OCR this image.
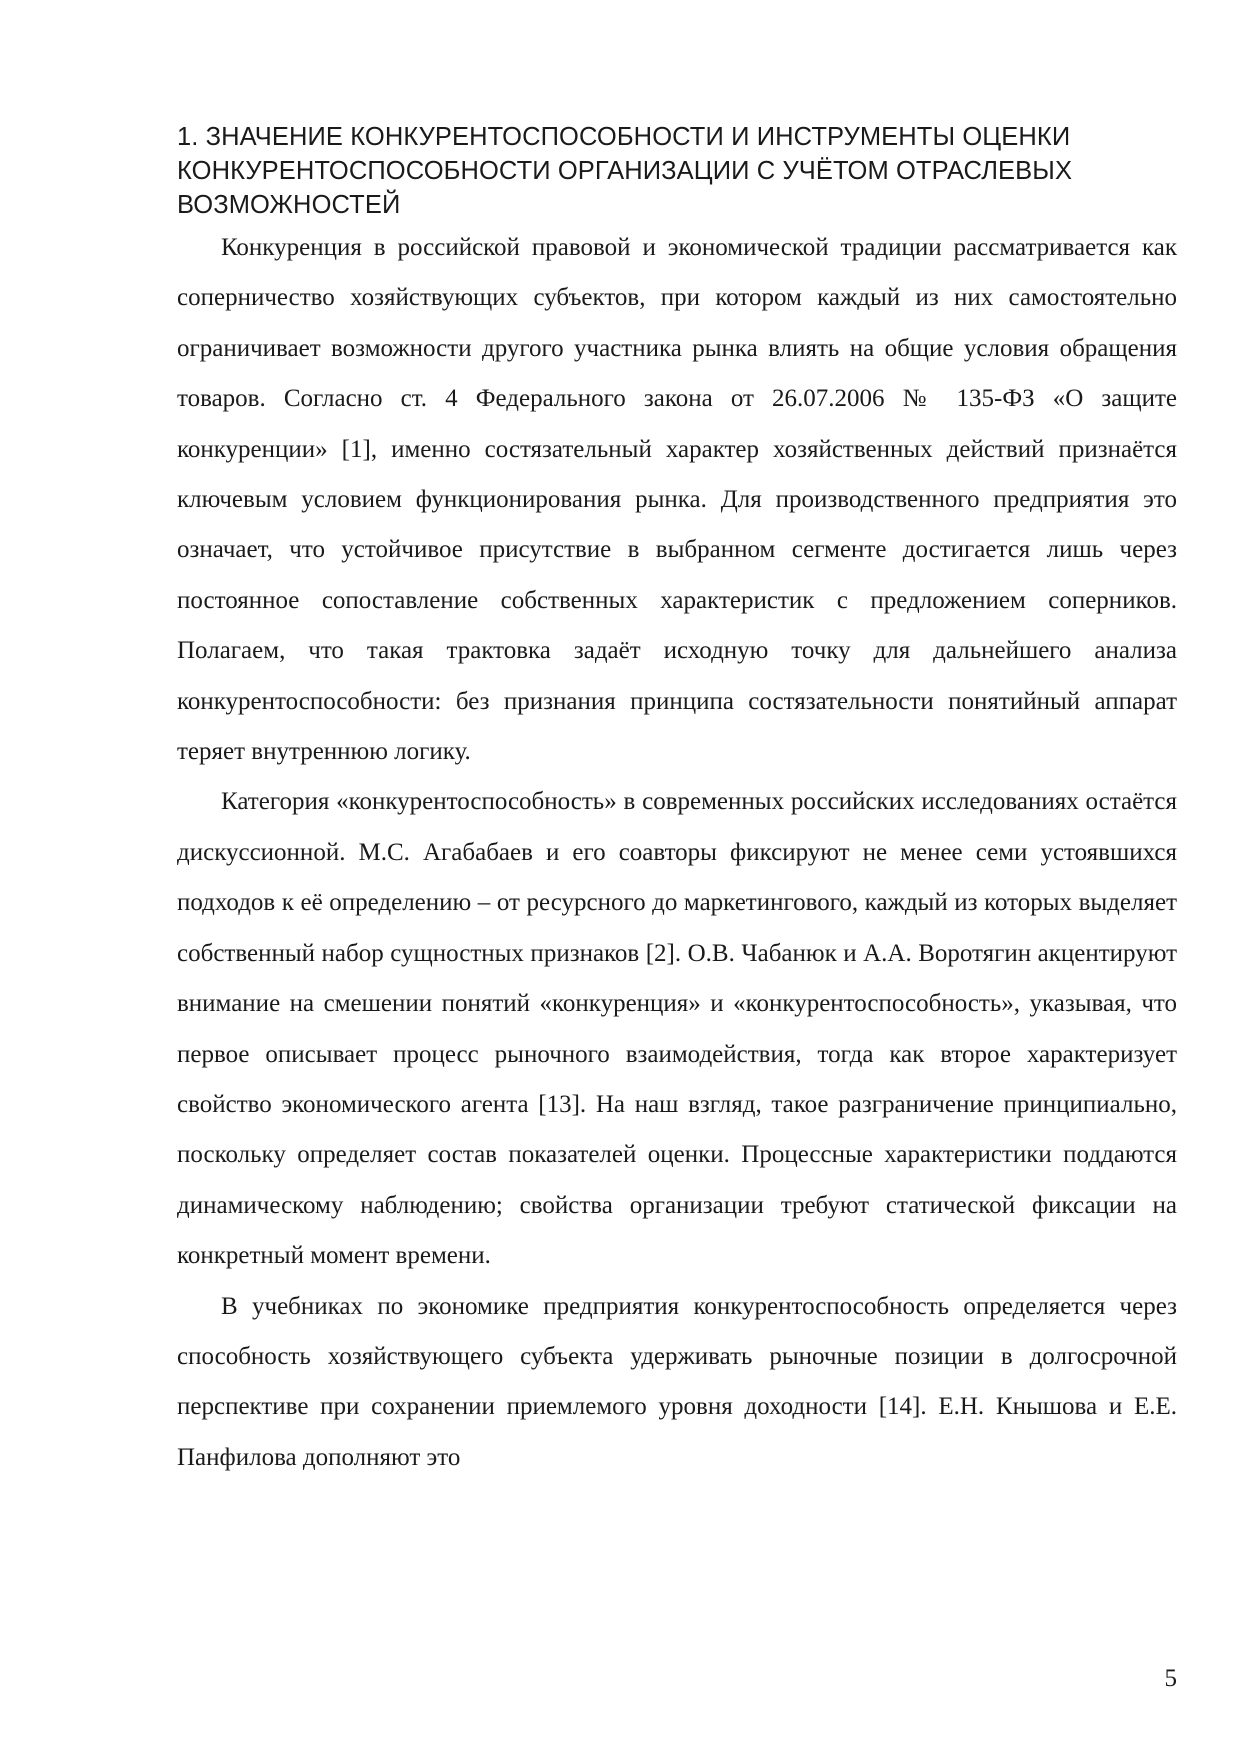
1. ЗНАЧЕНИЕ КОНКУРЕНТОСПОСОБНОСТИ И ИНСТРУМЕНТЫ ОЦЕНКИ КОНКУРЕНТОСПОСОБНОСТИ ОРГАНИЗАЦИИ С УЧЁТОМ ОТРАСЛЕВЫХ ВОЗМОЖНОСТЕЙ

Конкуренция в российской правовой и экономической традиции рассматривается как соперничество хозяйствующих субъектов, при котором каждый из них самостоятельно ограничивает возможности другого участника рынка влиять на общие условия обращения товаров. Согласно ст. 4 Федерального закона от 26.07.2006 № 135-ФЗ «О защите конкуренции» [1], именно состязательный характер хозяйственных действий признаётся ключевым условием функционирования рынка. Для производственного предприятия это означает, что устойчивое присутствие в выбранном сегменте достигается лишь через постоянное сопоставление собственных характеристик с предложением соперников. Полагаем, что такая трактовка задаёт исходную точку для дальнейшего анализа конкурентоспособности: без признания принципа состязательности понятийный аппарат теряет внутреннюю логику.

Категория «конкурентоспособность» в современных российских исследованиях остаётся дискуссионной. М.С. Агабабаев и его соавторы фиксируют не менее семи устоявшихся подходов к её определению – от ресурсного до маркетингового, каждый из которых выделяет собственный набор сущностных признаков [2]. О.В. Чабанюк и А.А. Воротягин акцентируют внимание на смешении понятий «конкуренция» и «конкурентоспособность», указывая, что первое описывает процесс рыночного взаимодействия, тогда как второе характеризует свойство экономического агента [13]. На наш взгляд, такое разграничение принципиально, поскольку определяет состав показателей оценки. Процессные характеристики поддаются динамическому наблюдению; свойства организации требуют статической фиксации на конкретный момент времени.

В учебниках по экономике предприятия конкурентоспособность определяется через способность хозяйствующего субъекта удерживать рыночные позиции в долгосрочной перспективе при сохранении приемлемого уровня доходности [14]. Е.Н. Кнышова и Е.Е. Панфилова дополняют это

5
